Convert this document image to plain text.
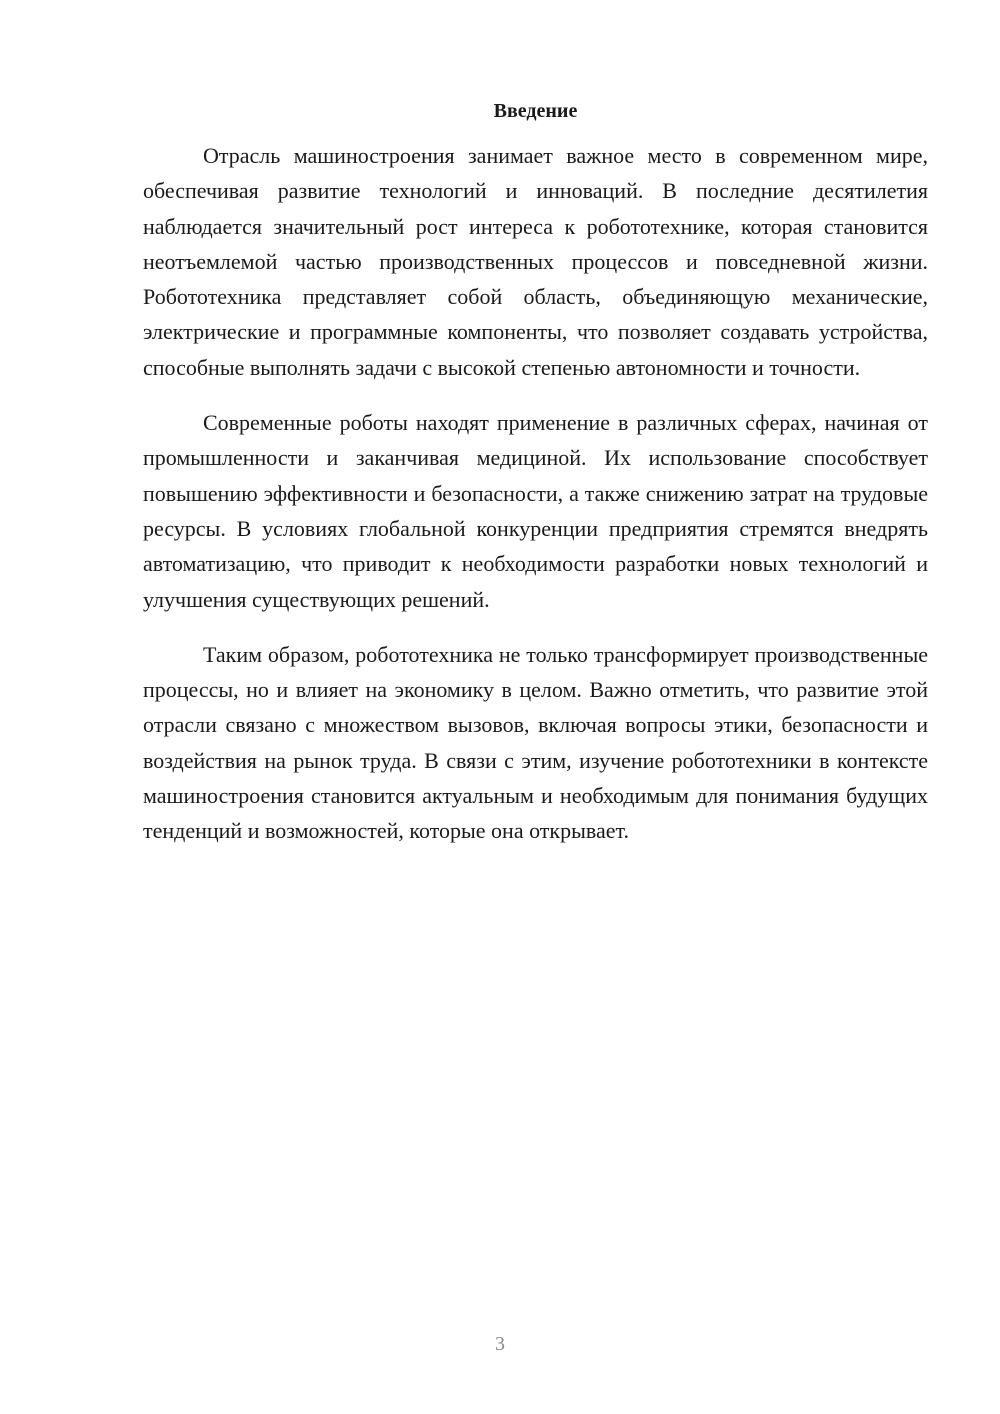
Введение

Отрасль машиностроения занимает важное место в современном мире, обеспечивая развитие технологий и инноваций. В последние десятилетия наблюдается значительный рост интереса к робототехнике, которая становится неотъемлемой частью производственных процессов и повседневной жизни. Робототехника представляет собой область, объединяющую механические, электрические и программные компоненты, что позволяет создавать устройства, способные выполнять задачи с высокой степенью автономности и точности.

Современные роботы находят применение в различных сферах, начиная от промышленности и заканчивая медициной. Их использование способствует повышению эффективности и безопасности, а также снижению затрат на трудовые ресурсы. В условиях глобальной конкуренции предприятия стремятся внедрять автоматизацию, что приводит к необходимости разработки новых технологий и улучшения существующих решений.

Таким образом, робототехника не только трансформирует производственные процессы, но и влияет на экономику в целом. Важно отметить, что развитие этой отрасли связано с множеством вызовов, включая вопросы этики, безопасности и воздействия на рынок труда. В связи с этим, изучение робототехники в контексте машиностроения становится актуальным и необходимым для понимания будущих тенденций и возможностей, которые она открывает.

3
